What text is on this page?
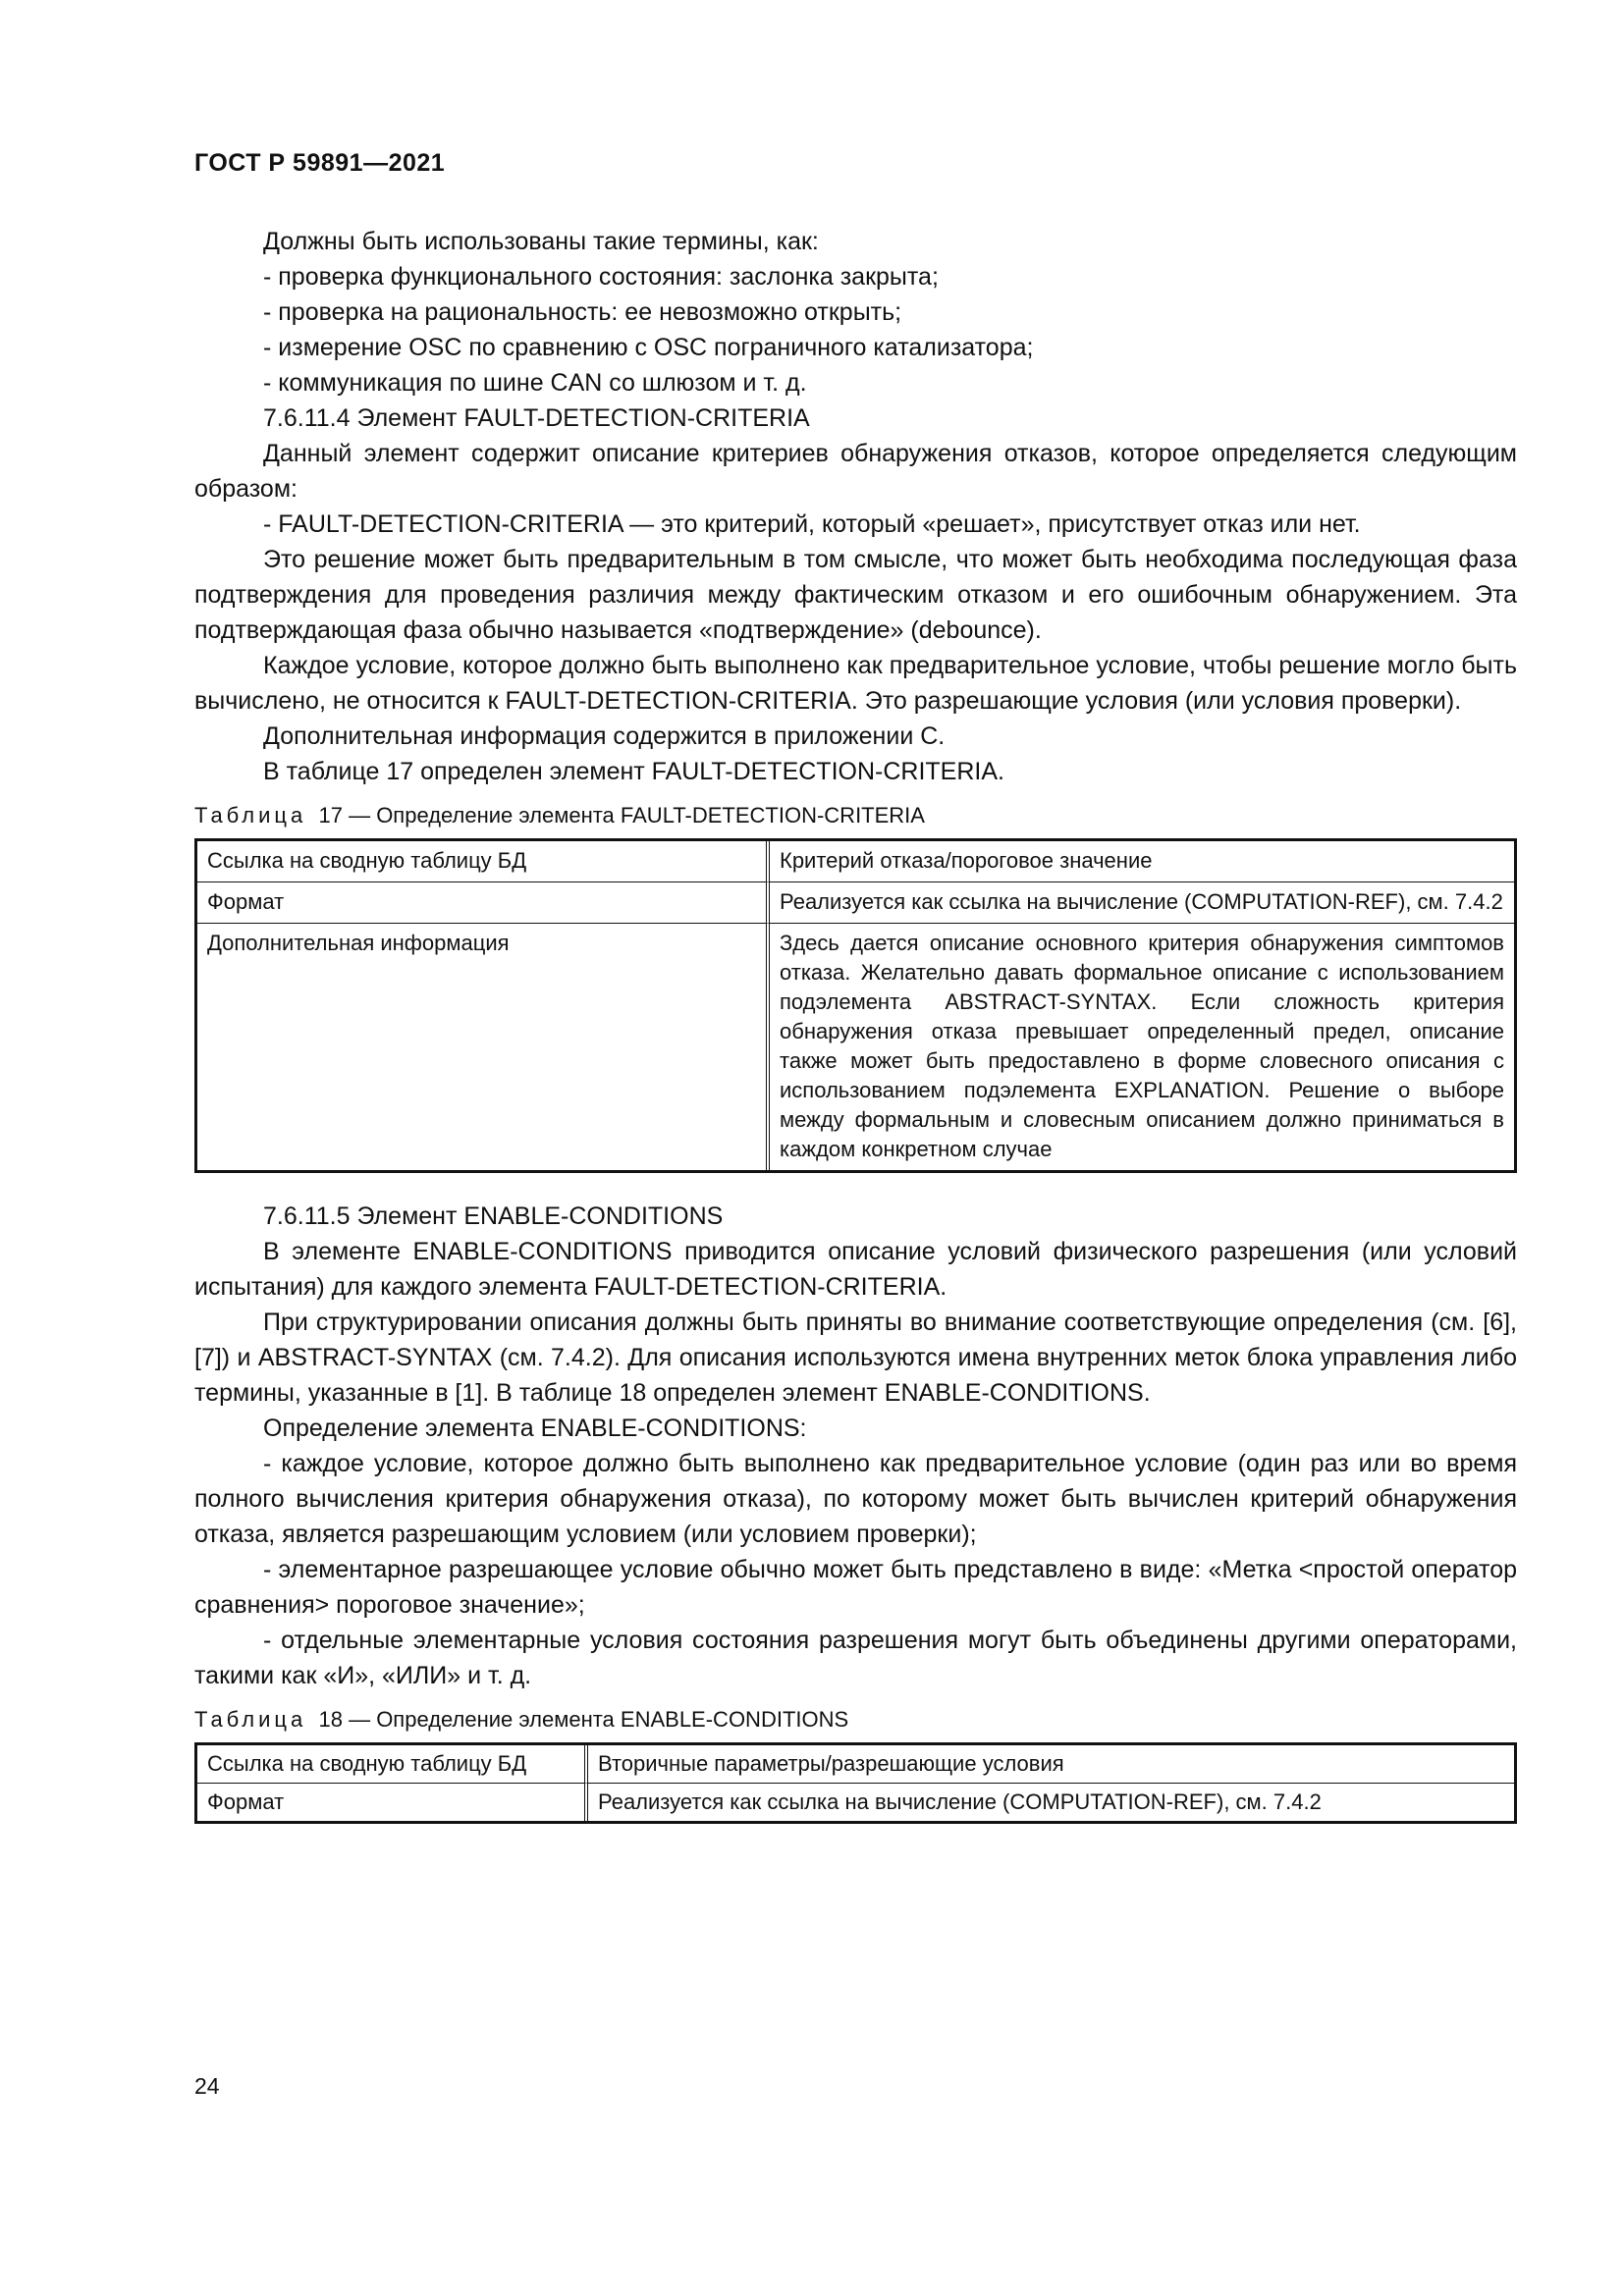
ГОСТ Р 59891—2021

Должны быть использованы такие термины, как:

- проверка функционального состояния: заслонка закрыта;

- проверка на рациональность: ее невозможно открыть;

- измерение OSC по сравнению с OSC пограничного катализатора;

- коммуникация по шине CAN со шлюзом и т. д.

7.6.11.4 Элемент FAULT-DETECTION-CRITERIA

Данный элемент содержит описание критериев обнаружения отказов, которое определяется следующим образом:

- FAULT-DETECTION-CRITERIA — это критерий, который «решает», присутствует отказ или нет.

Это решение может быть предварительным в том смысле, что может быть необходима последующая фаза подтверждения для проведения различия между фактическим отказом и его ошибочным обнаружением. Эта подтверждающая фаза обычно называется «подтверждение» (debounce).

Каждое условие, которое должно быть выполнено как предварительное условие, чтобы решение могло быть вычислено, не относится к FAULT-DETECTION-CRITERIA. Это разрешающие условия (или условия проверки).

Дополнительная информация содержится в приложении С.

В таблице 17 определен элемент FAULT-DETECTION-CRITERIA.

Таблица 17 — Определение элемента FAULT-DETECTION-CRITERIA

Ссылка на сводную таблицу БД	Критерий отказа/пороговое значение
Формат	Реализуется как ссылка на вычисление (COMPUTATION-REF), см. 7.4.2
Дополнительная информация	Здесь дается описание основного критерия обнаружения симптомов отказа. Желательно давать формальное описание с использованием подэлемента ABSTRACT-SYNTAX. Если сложность критерия обнаружения отказа превышает определенный предел, описание также может быть предоставлено в форме словесного описания с использованием подэлемента EXPLANATION. Решение о выборе между формальным и словесным описанием должно приниматься в каждом конкретном случае

7.6.11.5 Элемент ENABLE-CONDITIONS

В элементе ENABLE-CONDITIONS приводится описание условий физического разрешения (или условий испытания) для каждого элемента FAULT-DETECTION-CRITERIA.

При структурировании описания должны быть приняты во внимание соответствующие определения (см. [6], [7]) и ABSTRACT-SYNTAX (см. 7.4.2). Для описания используются имена внутренних меток блока управления либо термины, указанные в [1]. В таблице 18 определен элемент ENABLE-CONDITIONS.

Определение элемента ENABLE-CONDITIONS:

- каждое условие, которое должно быть выполнено как предварительное условие (один раз или во время полного вычисления критерия обнаружения отказа), по которому может быть вычислен критерий обнаружения отказа, является разрешающим условием (или условием проверки);

- элементарное разрешающее условие обычно может быть представлено в виде: «Метка <простой оператор сравнения> пороговое значение»;

- отдельные элементарные условия состояния разрешения могут быть объединены другими операторами, такими как «И», «ИЛИ» и т. д.

Таблица 18 — Определение элемента ENABLE-CONDITIONS

Ссылка на сводную таблицу БД	Вторичные параметры/разрешающие условия
Формат	Реализуется как ссылка на вычисление (COMPUTATION-REF), см. 7.4.2
24
